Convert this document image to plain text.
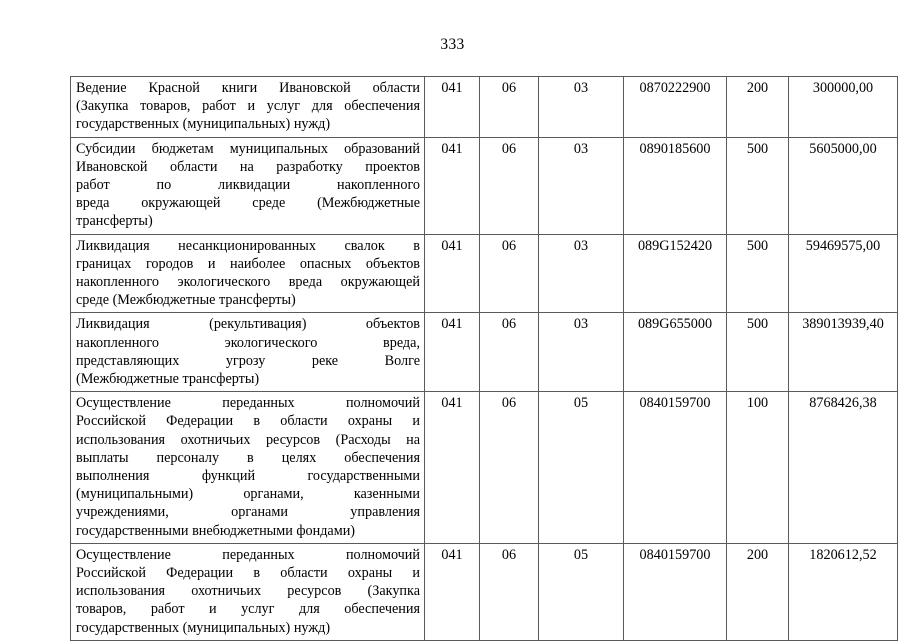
333
Ведение Красной книги Ивановской области
(Закупка товаров, работ и услуг для обеспечения
государственных (муниципальных) нужд)	041	06	03	0870222900	200	300000,00

Субсидии бюджетам муниципальных образований
Ивановской области на разработку проектов
работ по ликвидации накопленного
вреда окружающей среде (Межбюджетные
трансферты)	041	06	03	0890185600	500	5605000,00

Ликвидация несанкционированных свалок в
границах городов и наиболее опасных объектов
накопленного экологического вреда окружающей
среде (Межбюджетные трансферты)	041	06	03	089G152420	500	59469575,00

Ликвидация (рекультивация) объектов
накопленного экологического вреда,
представляющих угрозу реке Волге
(Межбюджетные трансферты)	041	06	03	089G655000	500	389013939,40

Осуществление переданных полномочий
Российской Федерации в области охраны и
использования охотничьих ресурсов (Расходы на
выплаты персоналу в целях обеспечения
выполнения функций государственными
(муниципальными) органами, казенными
учреждениями, органами управления
государственными внебюджетными фондами)
	041	06	05	0840159700	100	8768426,38

Осуществление переданных полномочий
Российской Федерации в области охраны и
использования охотничьих ресурсов (Закупка
товаров, работ и услуг для обеспечения
государственных (муниципальных) нужд)	041	06	05	0840159700	200	1820612,52
